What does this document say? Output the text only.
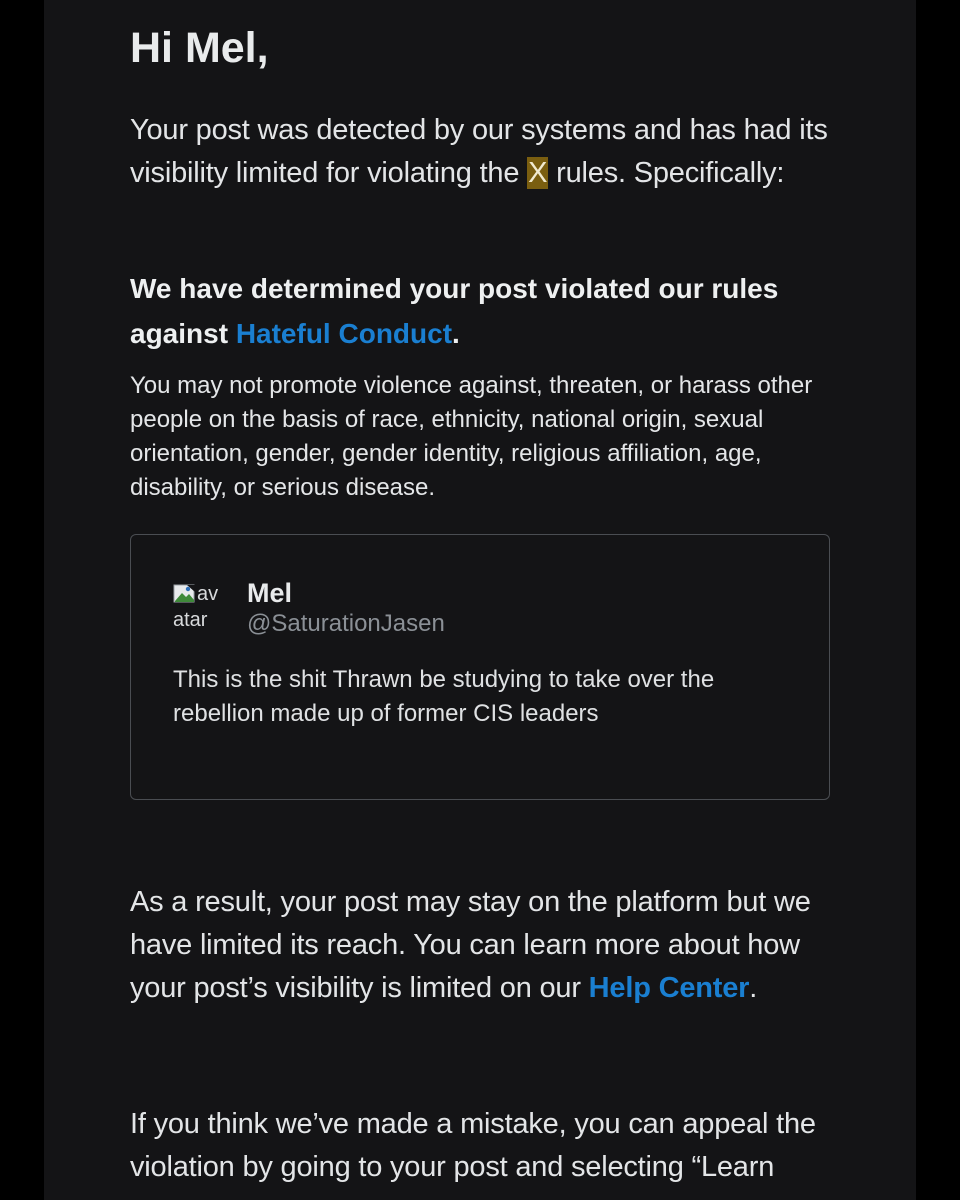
Hi Mel,

Your post was detected by our systems and has had its visibility limited for violating the X rules. Specifically:

We have determined your post violated our rules against Hateful Conduct.

You may not promote violence against, threaten, or harass other people on the basis of race, ethnicity, national origin, sexual orientation, gender, gender identity, religious affiliation, age, disability, or serious disease.

av
atar
Mel
@SaturationJasen

This is the shit Thrawn be studying to take over the rebellion made up of former CIS leaders

As a result, your post may stay on the platform but we have limited its reach. You can learn more about how your post’s visibility is limited on our Help Center.

If you think we’ve made a mistake, you can appeal the violation by going to your post and selecting “Learn
